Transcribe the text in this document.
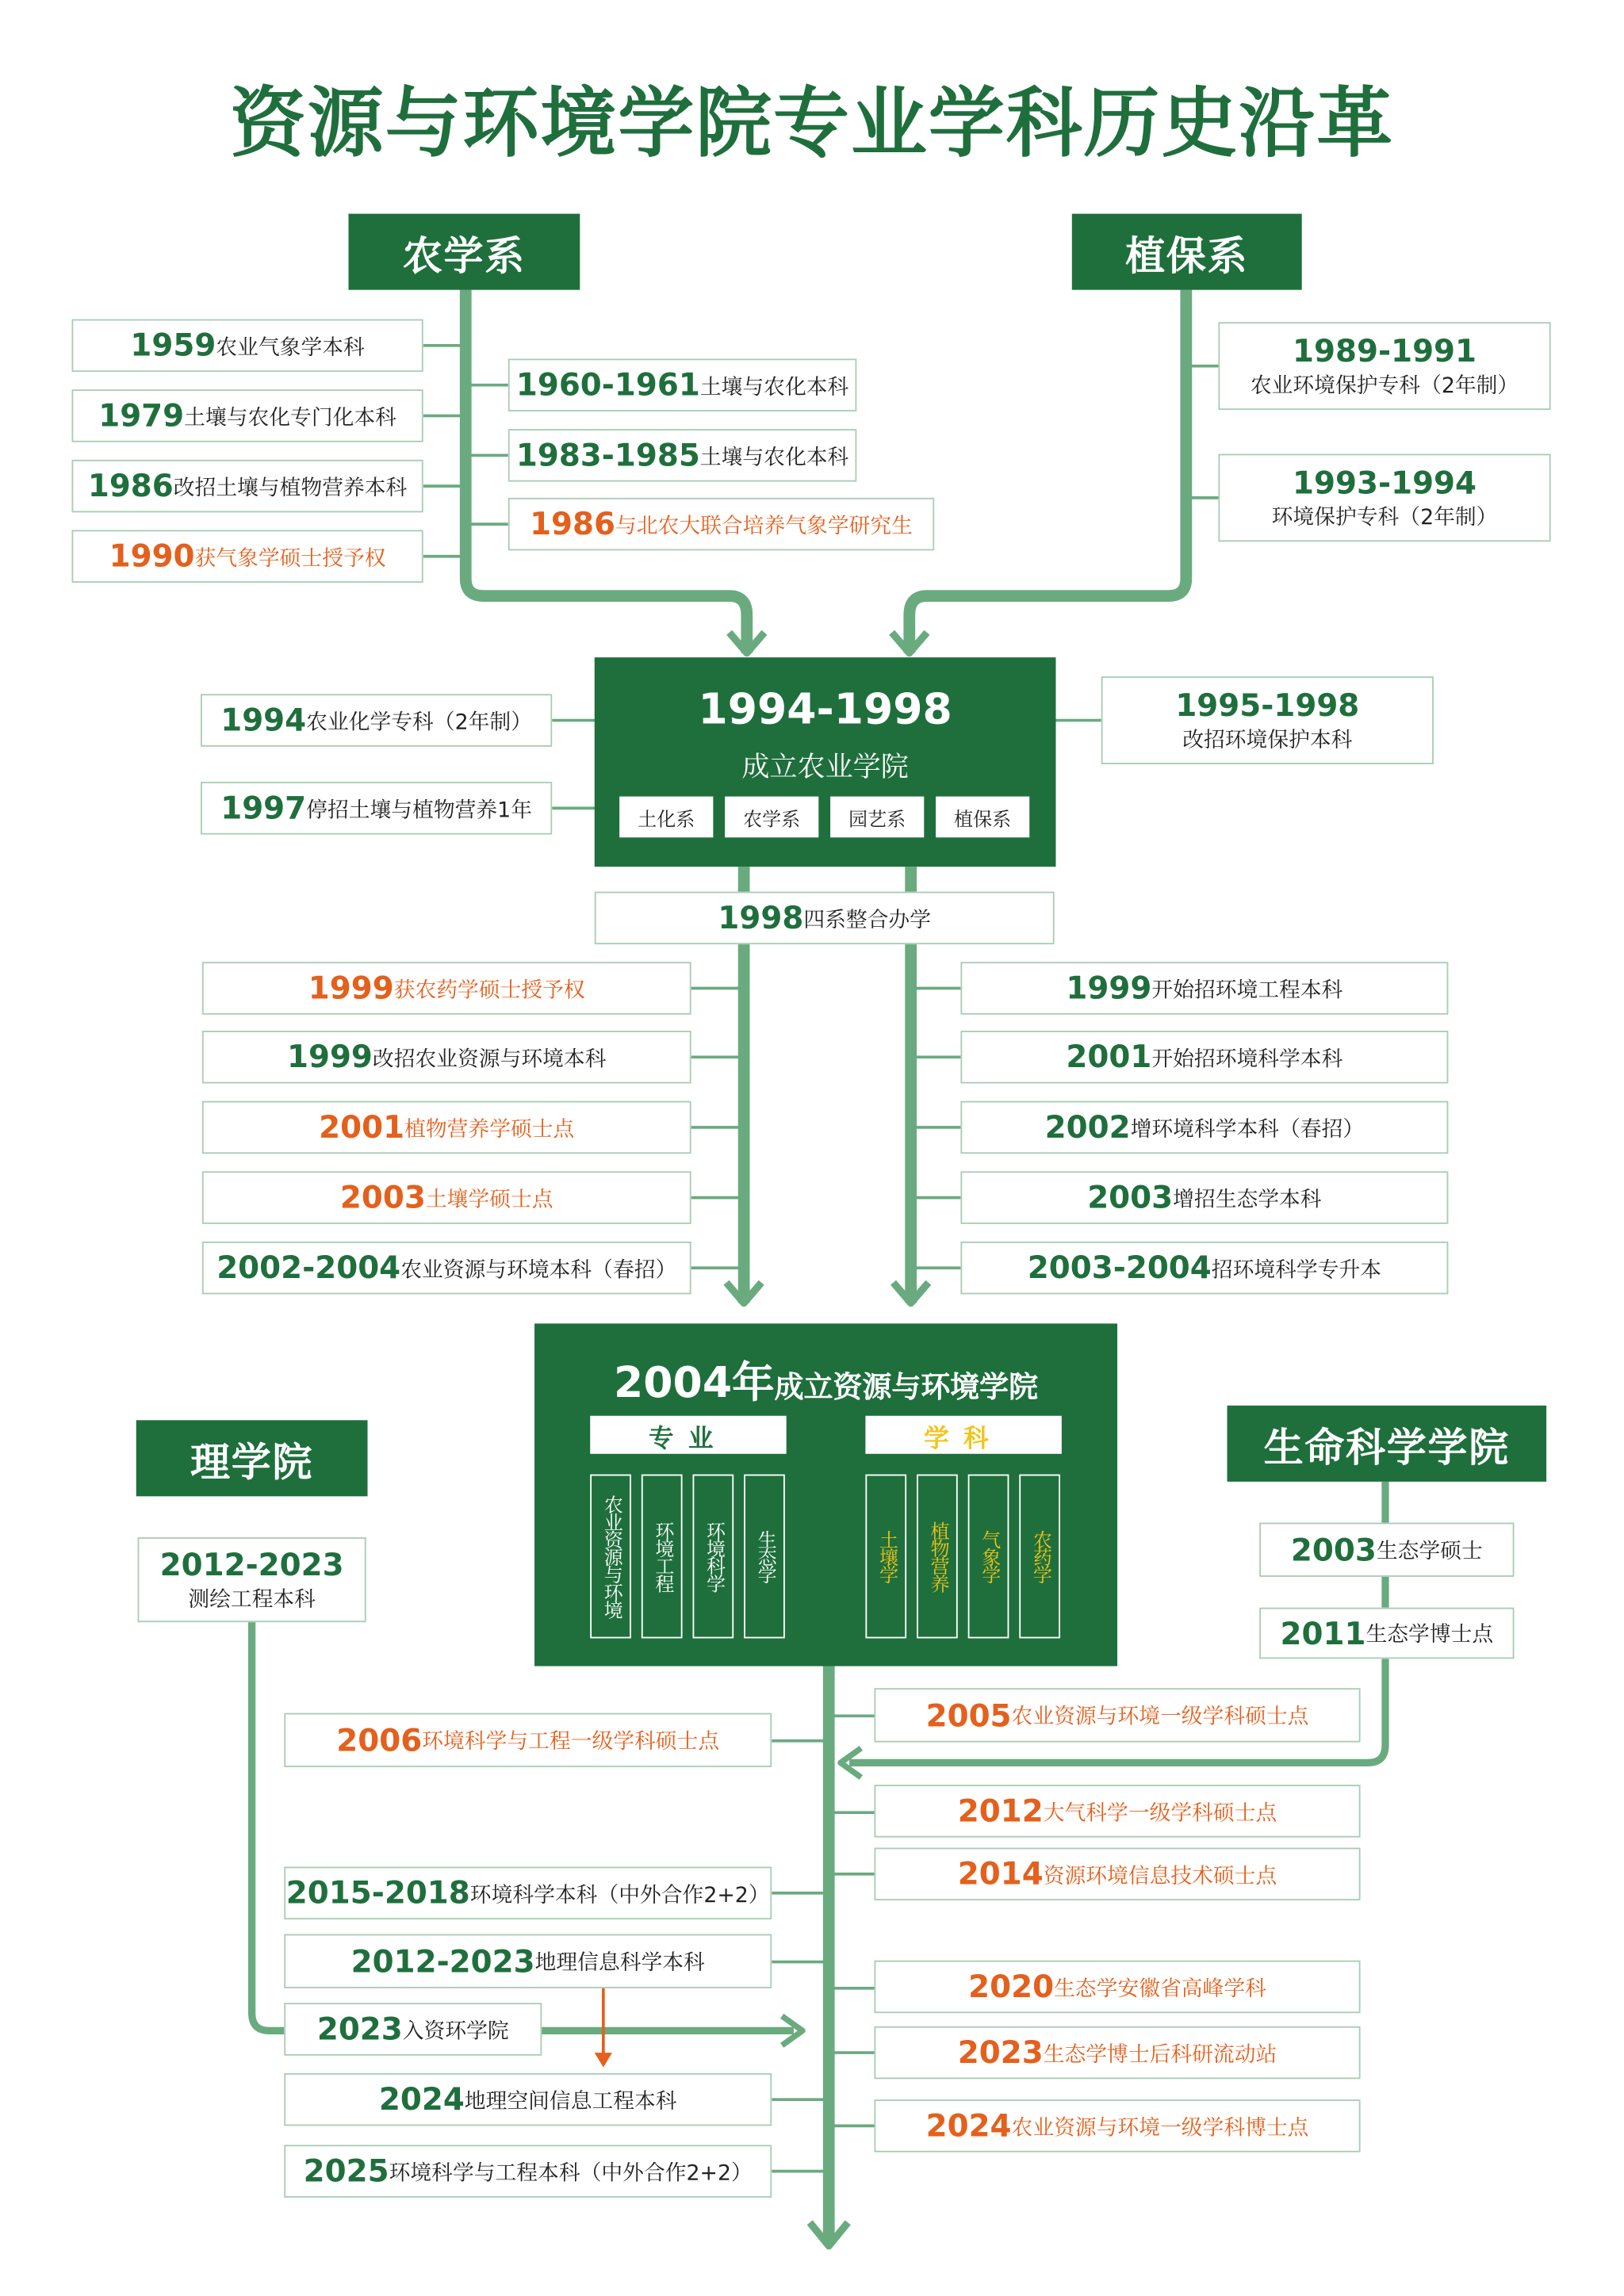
资源与环境学院专业学科历史沿革
农学系	植保系
理学院	生命科学学院
1959 农业气象学本科
1979 土壤与农化专门化本科
1986 改招土壤与植物营养本科
1990 获气象学硕士授予权
1960-1961 土壤与农化本科
1983-1985 土壤与农化本科
1986 与北农大联合培养气象学研究生
1989-1991
农业环境保护专科（2年制）
1993-1994
环境保护专科（2年制）
1994-1998
成立农业学院
土化系	农学系	园艺系	植保系
1994 农业化学专科（2年制）
1997 停招土壤与植物营养1年
1995-1998
改招环境保护本科
1998 四系整合办学
1999 获农药学硕士授予权
1999 改招农业资源与环境本科
2001 植物营养学硕士点
2003 土壤学硕士点
2002-2004 农业资源与环境本科（春招）
1999 开始招环境工程本科
2001 开始招环境科学本科
2002 增环境科学本科（春招）
2003 增招生态学本科
2003-2004 招环境科学专升本
2004年成立资源与环境学院
专业	学科
农业资源与环境	环境工程	环境科学	生态学	土壤学	植物营养	气象学	农药学
2012-2023
测绘工程本科
2003 生态学硕士
2011 生态学博士点
2006 环境科学与工程一级学科硕士点
2015-2018 环境科学本科（中外合作2+2）
2012-2023 地理信息科学本科
2023 入资环学院
2024 地理空间信息工程本科
2025 环境科学与工程本科（中外合作2+2）
2005 农业资源与环境一级学科硕士点
2012 大气科学一级学科硕士点
2014 资源环境信息技术硕士点
2020 生态学安徽省高峰学科
2023 生态学博士后科研流动站
2024 农业资源与环境一级学科博士点
